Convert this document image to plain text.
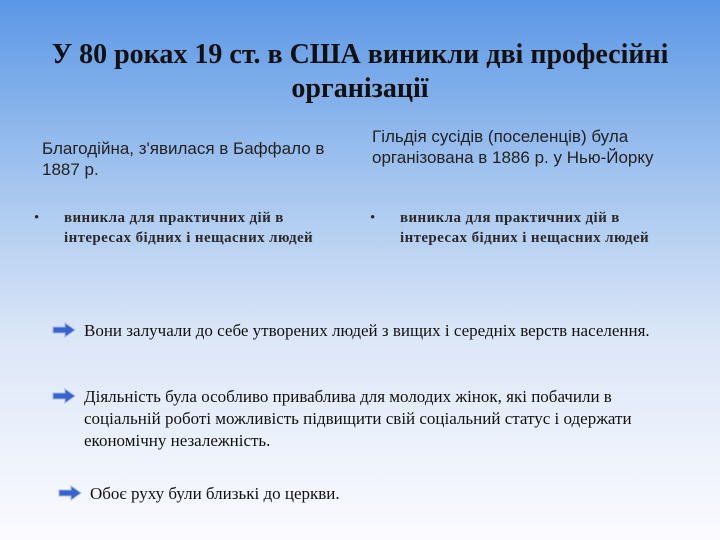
У 80 роках 19 ст. в США виникли дві професійні організації
Благодійна, з'явилася в Баффало в 1887 р.
Гільдія сусідів (поселенців) була організована в 1886 р. у Нью-Йорку
• виникла для практичних дій в інтересах бідних і нещасних людей
• виникла для практичних дій в інтересах бідних і нещасних людей
Вони залучали до себе утворених людей з вищих і середніх верств населення.
Діяльність була особливо приваблива для молодих жінок, які побачили в соціальній роботі можливість підвищити свій соціальний статус і одержати економічну незалежність.
Обоє руху були близькі до церкви.
